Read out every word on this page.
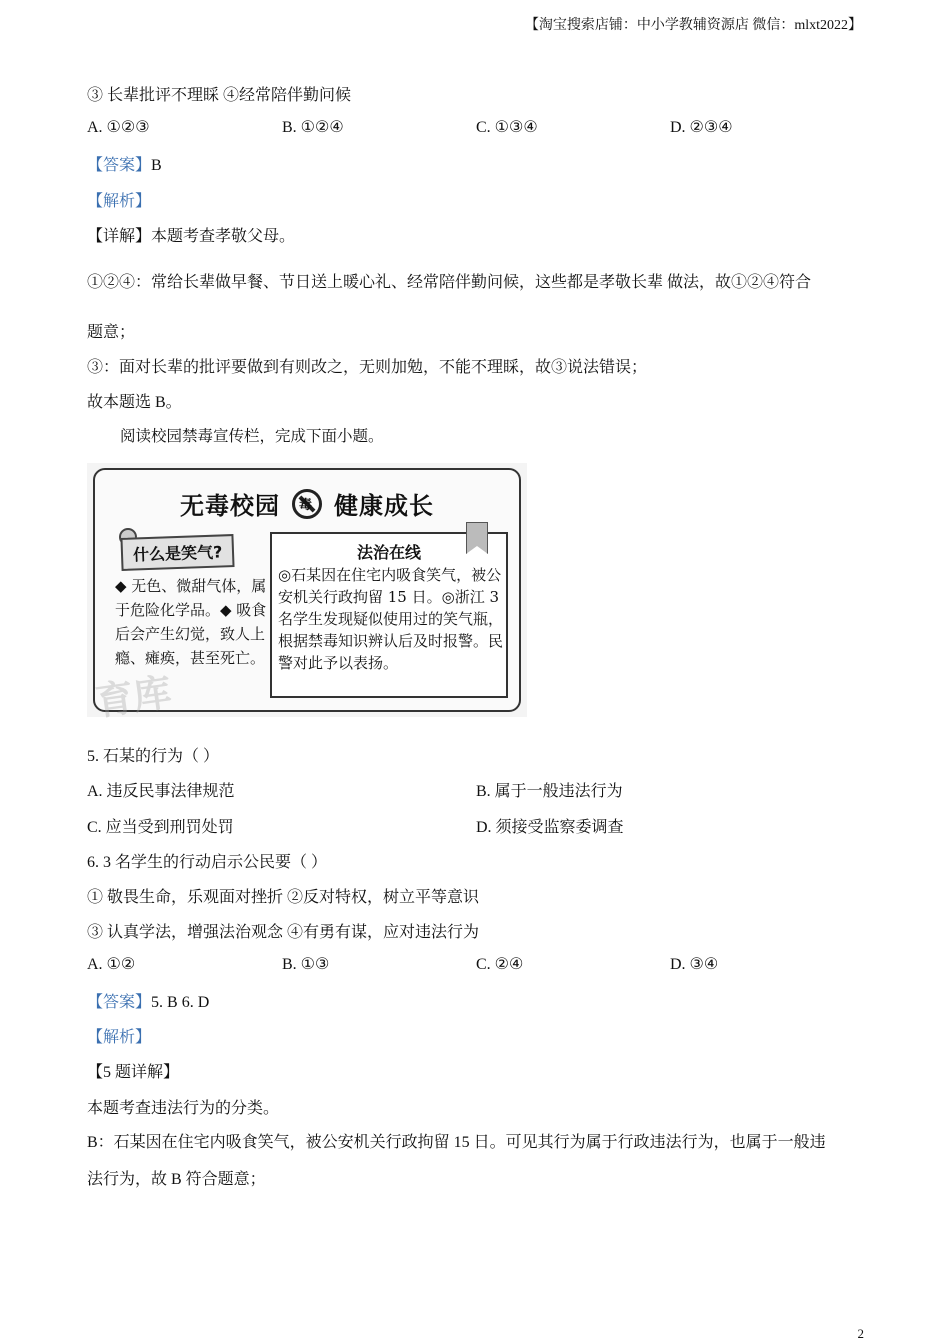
【淘宝搜索店铺：中小学教辅资源店 微信：mlxt2022】
③ 长辈批评不理睬 ④经常陪伴勤问候
A. ①②③	B. ①②④	C. ①③④	D. ②③④
【答案】B
【解析】
【详解】本题考查孝敬父母。
①②④：常给长辈做早餐、节日送上暖心礼、经常陪伴勤问候，这些都是孝敬长辈 做法，故①②④符合
题意；
③：面对长辈的批评要做到有则改之，无则加勉，不能不理睬，故③说法错误；
故本题选 B。
阅读校园禁毒宣传栏，完成下面小题。
无毒校园毒 健康成长
什么是笑气?
◆ 无色、微甜气体，属于危险化学品。◆ 吸食后会产生幻觉，致人上瘾、瘫痪，甚至死亡。
法治在线
◎石某因在住宅内吸食笑气，被公安机关行政拘留 15 日。◎浙江 3 名学生发现疑似使用过的笑气瓶，根据禁毒知识辨认后及时报警。民警对此予以表扬。
育库
5. 石某的行为（ ）
A. 违反民事法律规范	B. 属于一般违法行为
C. 应当受到刑罚处罚	D. 须接受监察委调查
6. 3 名学生的行动启示公民要（ ）
① 敬畏生命，乐观面对挫折 ②反对特权，树立平等意识
③ 认真学法，增强法治观念 ④有勇有谋，应对违法行为
A. ①②	B. ①③	C. ②④	D. ③④
【答案】5. B 6. D
【解析】
【5 题详解】
本题考查违法行为的分类。
B：石某因在住宅内吸食笑气，被公安机关行政拘留 15 日。可见其行为属于行政违法行为，也属于一般违
法行为，故 B 符合题意；
2
